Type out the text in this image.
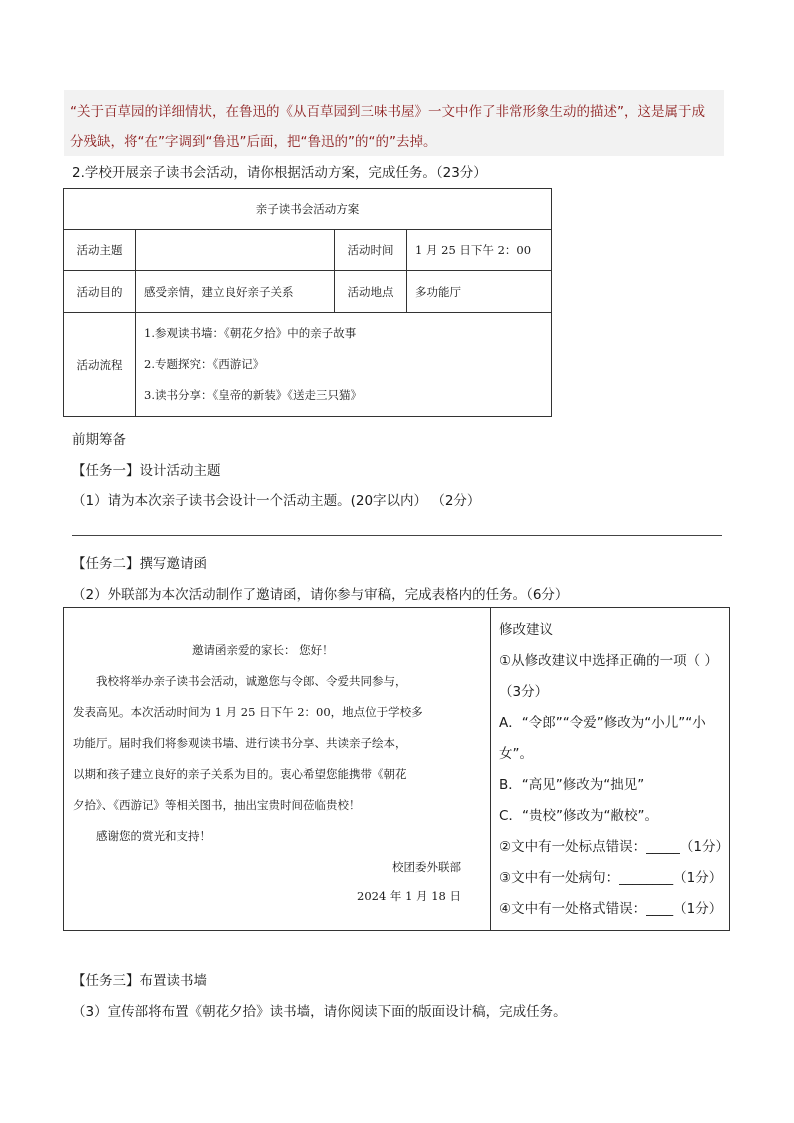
“关于百草园的详细情状，在鲁迅的《从百草园到三味书屋》一文中作了非常形象生动的描述”，这是属于成
分残缺，将“在”字调到“鲁迅”后面，把“鲁迅的”的“的”去掉。
2.学校开展亲子读书会活动，请你根据活动方案，完成任务。（23分）
亲子读书会活动方案			
活动主题		活动时间	1 月 25 日下午 2：00
活动目的	感受亲情，建立良好亲子关系	活动地点	多功能厅
活动流程	1.参观读书墙：《朝花夕拾》中的亲子故事
2.专题探究：《西游记》
3.读书分享：《皇帝的新装》《送走三只猫》		
前期筹备
【任务一】设计活动主题
（1）请为本次亲子读书会设计一个活动主题。(20字以内） （2分）
【任务二】撰写邀请函
（2）外联部为本次活动制作了邀请函，请你参与审稿，完成表格内的任务。（6分）
邀请函亲爱的家长： 您好！
我校将举办亲子读书会活动，诚邀您与令郎、令爱共同参与，
发表高见。本次活动时间为 1 月 25 日下午 2：00，地点位于学校多
功能厅。届时我们将参观读书墙、进行读书分享、共读亲子绘本，
以期和孩子建立良好的亲子关系为目的。衷心希望您能携带《朝花
夕拾》、《西游记》等相关图书，抽出宝贵时间莅临贵校！
感谢您的赏光和支持！
校团委外联部
2024 年 1 月 18 日

修改建议
①从修改建议中选择正确的一项（ ）
（3分）
A．“令郎”“令爱”修改为“小儿”“小
女”。
B．“高见”修改为“拙见”
C．“贵校”修改为“敝校”。
②文中有一处标点错误：_____（1分）
③文中有一处病句：________（1分）
④文中有一处格式错误：____（1分）
【任务三】布置读书墙
（3）宣传部将布置《朝花夕拾》读书墙，请你阅读下面的版面设计稿，完成任务。
